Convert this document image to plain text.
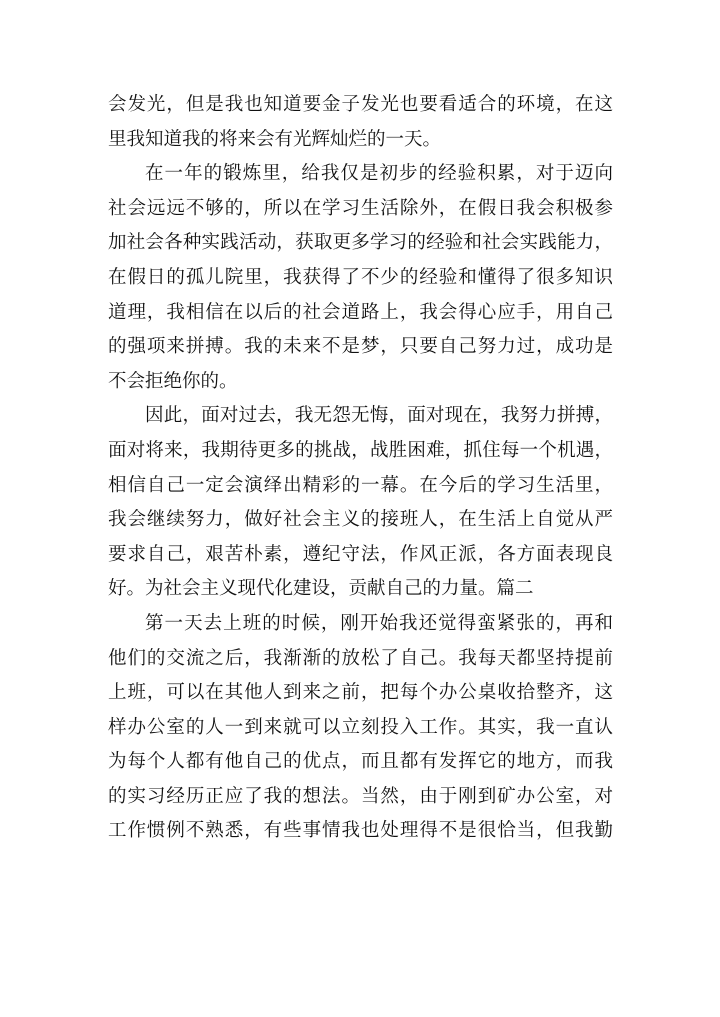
会发光，但是我也知道要金子发光也要看适合的环境，在这
里我知道我的将来会有光辉灿烂的一天。
在一年的锻炼里，给我仅是初步的经验积累，对于迈向
社会远远不够的，所以在学习生活除外，在假日我会积极参
加社会各种实践活动，获取更多学习的经验和社会实践能力，
在假日的孤儿院里，我获得了不少的经验和懂得了很多知识
道理，我相信在以后的社会道路上，我会得心应手，用自己
的强项来拼搏。我的未来不是梦，只要自己努力过，成功是
不会拒绝你的。
因此，面对过去，我无怨无悔，面对现在，我努力拼搏，
面对将来，我期待更多的挑战，战胜困难，抓住每一个机遇，
相信自己一定会演绎出精彩的一幕。在今后的学习生活里，
我会继续努力，做好社会主义的接班人，在生活上自觉从严
要求自己，艰苦朴素，遵纪守法，作风正派，各方面表现良
好。为社会主义现代化建设，贡献自己的力量。篇二
第一天去上班的时候，刚开始我还觉得蛮紧张的，再和
他们的交流之后，我渐渐的放松了自己。我每天都坚持提前
上班，可以在其他人到来之前，把每个办公桌收拾整齐，这
样办公室的人一到来就可以立刻投入工作。其实，我一直认
为每个人都有他自己的优点，而且都有发挥它的地方，而我
的实习经历正应了我的想法。当然，由于刚到矿办公室，对
工作惯例不熟悉，有些事情我也处理得不是很恰当，但我勤
